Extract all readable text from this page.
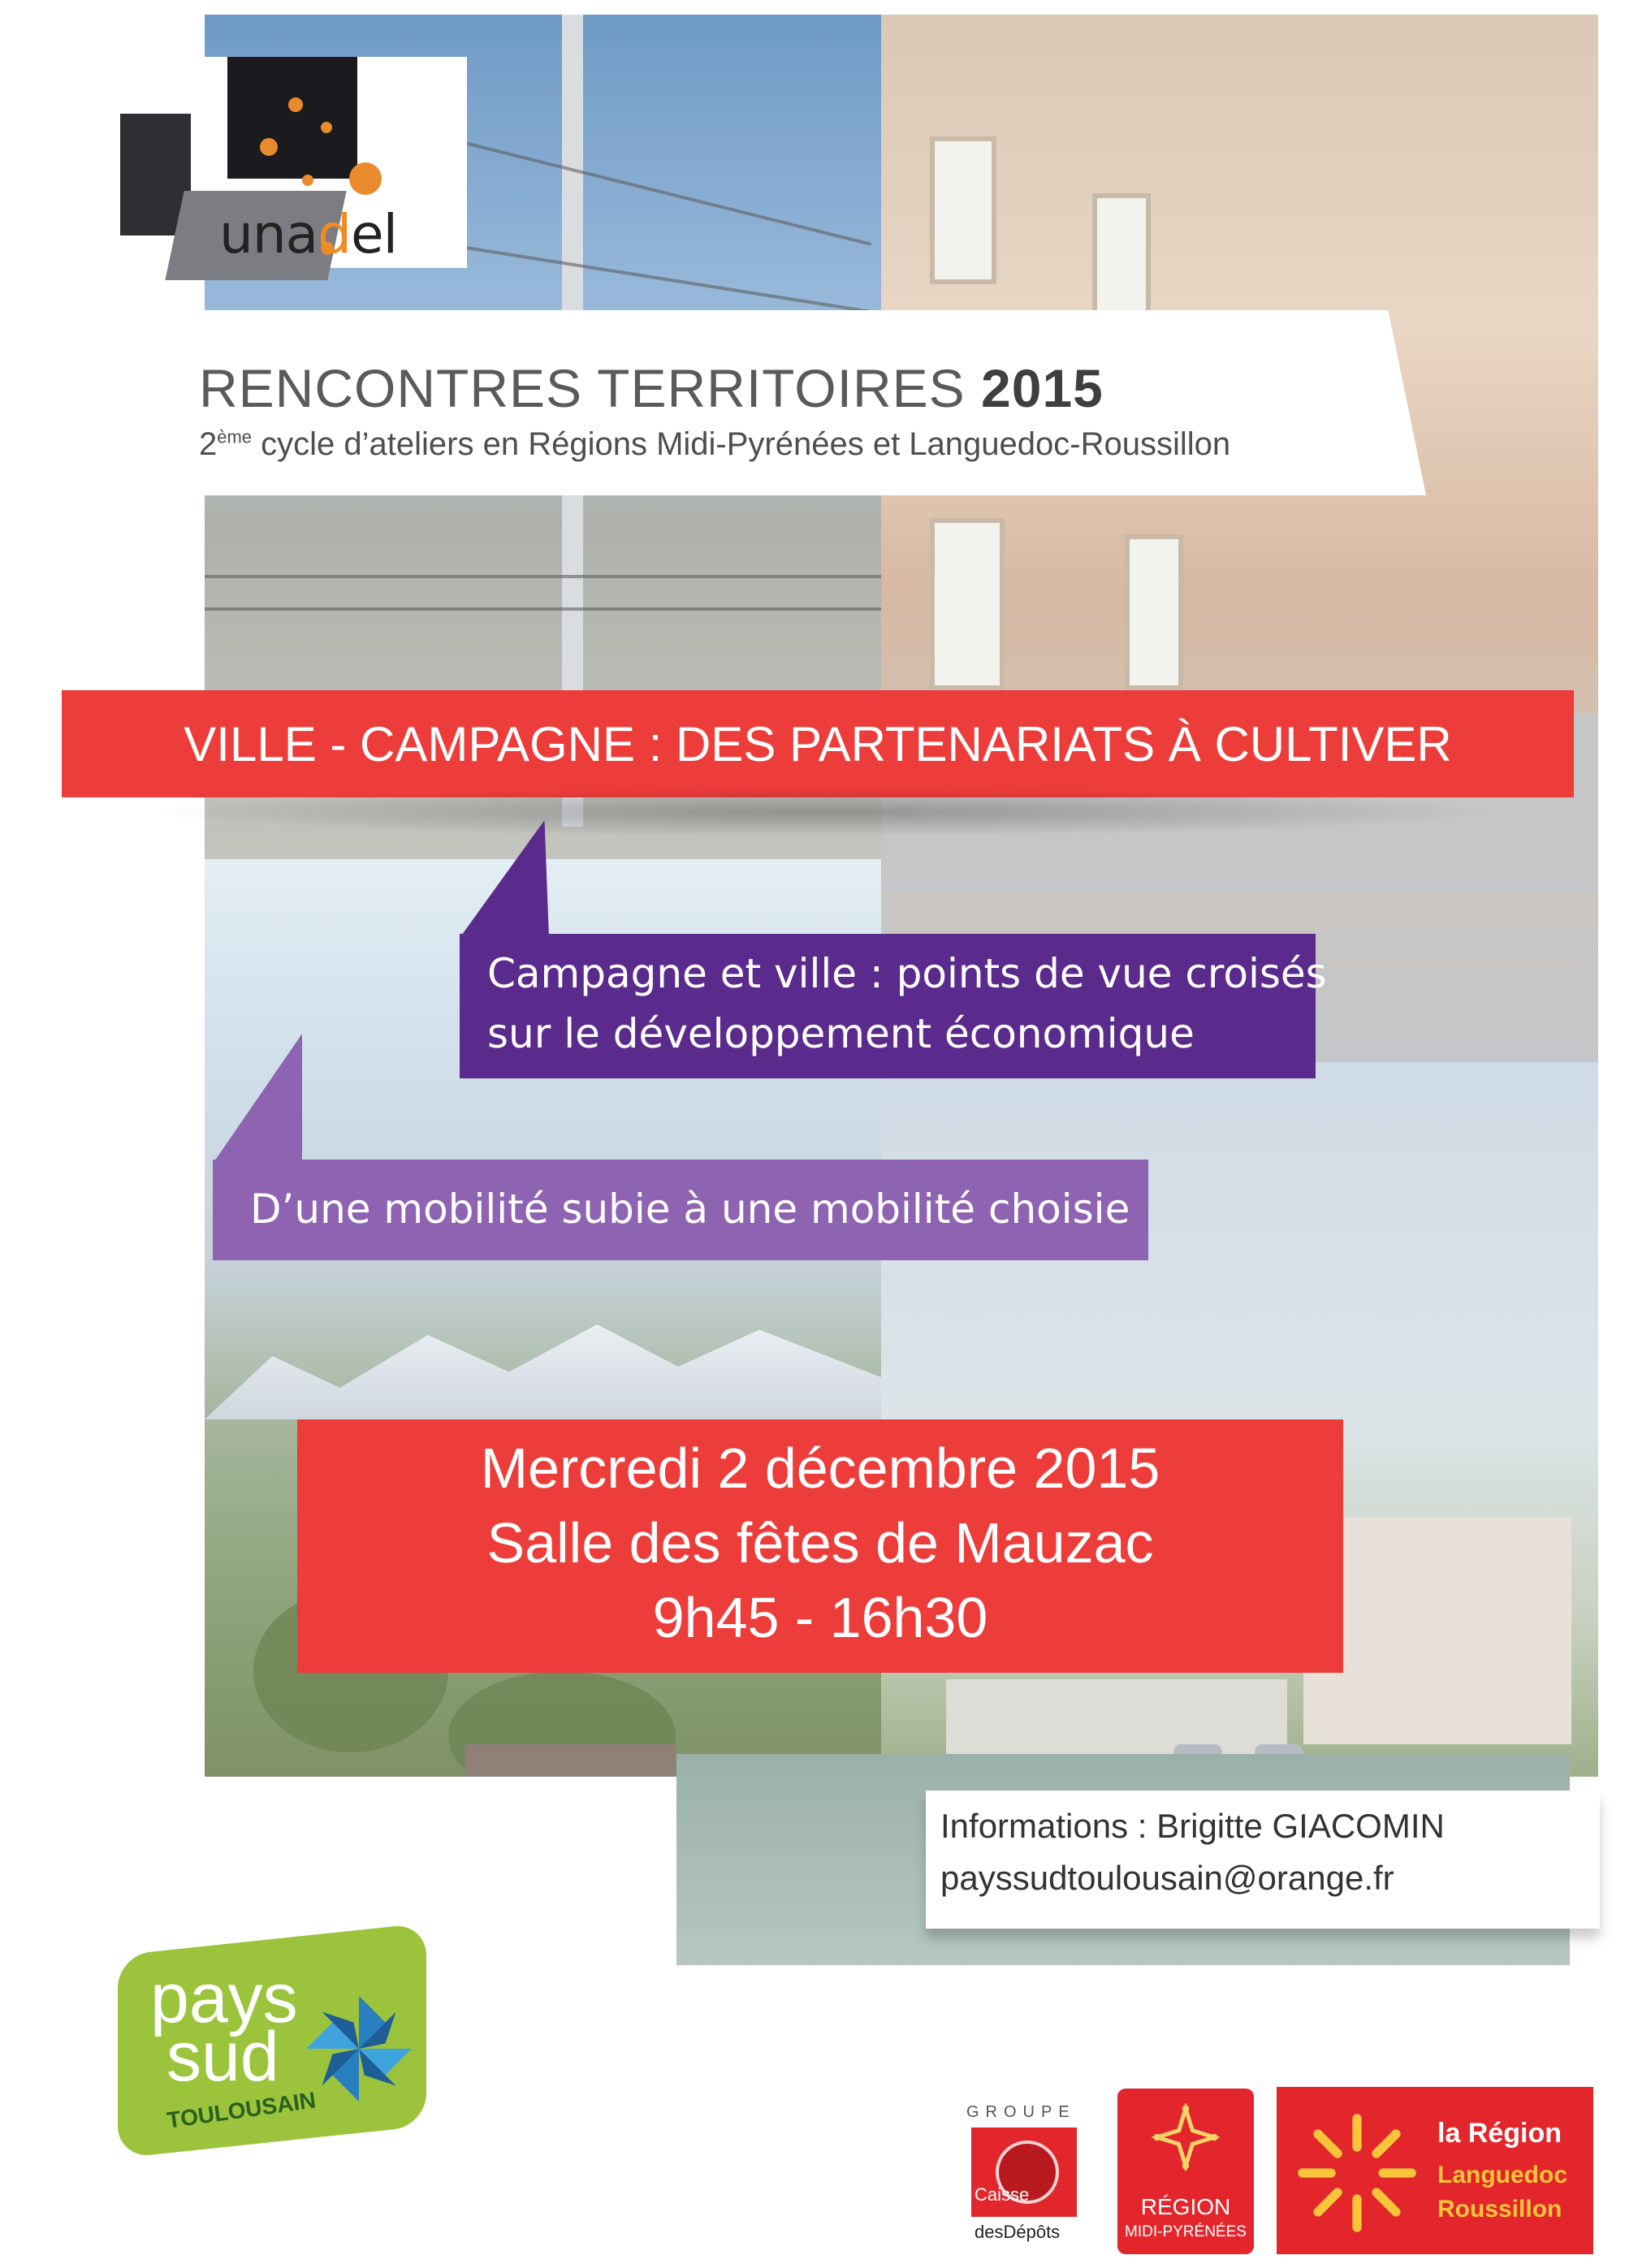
unadel
RENCONTRES TERRITOIRES 2015
2ème cycle d’ateliers en Régions Midi-Pyrénées et Languedoc-Roussillon
VILLE - CAMPAGNE : DES PARTENARIATS À CULTIVER
Campagne et ville : points de vue croisés
sur le développement économique
D’une mobilité subie à une mobilité choisie
Mercredi 2 décembre 2015
Salle des fêtes de Mauzac
9h45 - 16h30
Informations : Brigitte GIACOMIN
payssudtoulousain@orange.fr
pays
sud
TOULOUSAIN	GROUPE
Caisse
desDépôts
RÉGION
MIDI-PYRÉNÉES
la Région
Languedoc
Roussillon
